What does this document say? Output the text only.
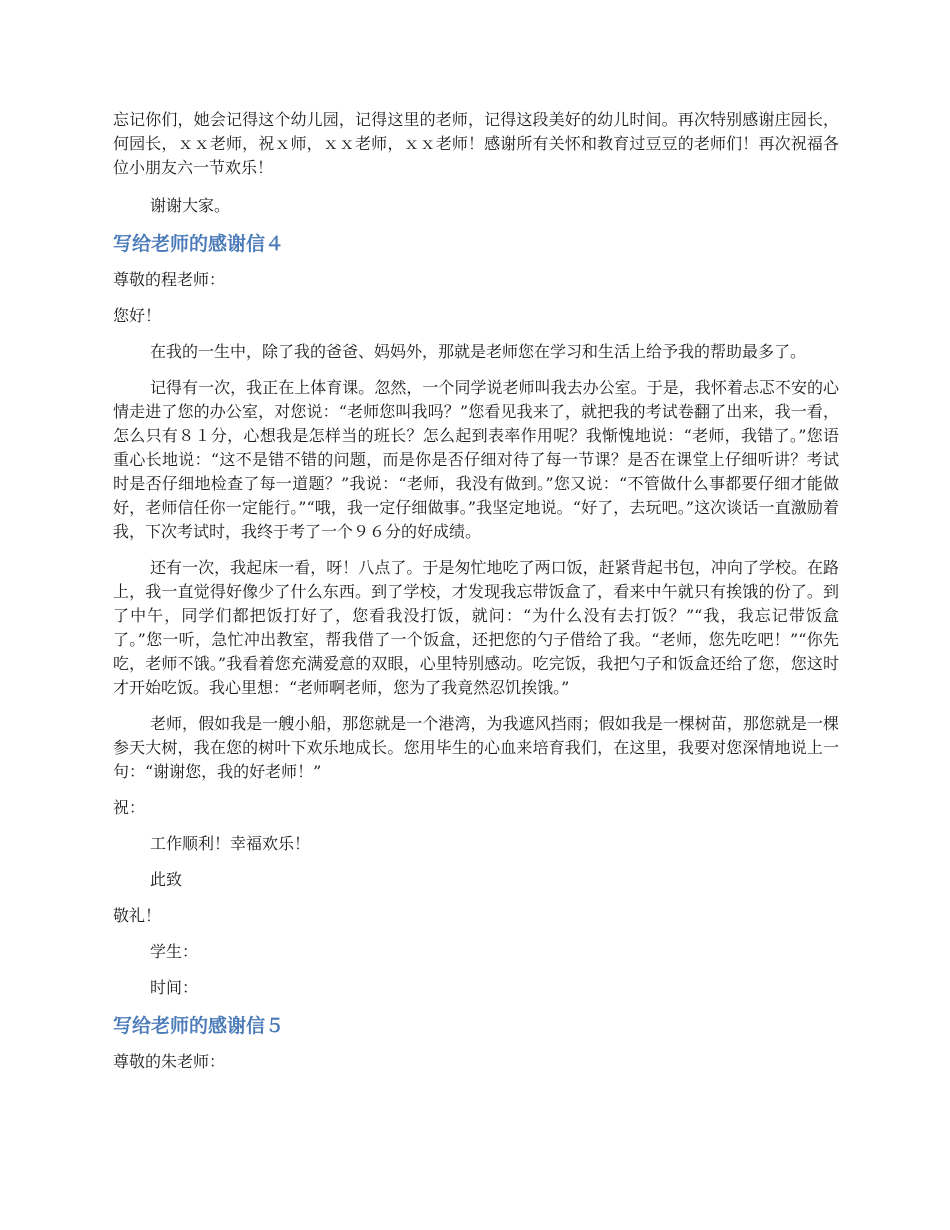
忘记你们，她会记得这个幼儿园，记得这里的老师，记得这段美好的幼儿时间。再次特别感谢庄园长，何园长，ｘｘ老师，祝ｘ师，ｘｘ老师，ｘｘ老师！感谢所有关怀和教育过豆豆的老师们！再次祝福各位小朋友六一节欢乐！

谢谢大家。

写给老师的感谢信４

尊敬的程老师：

您好！

在我的一生中，除了我的爸爸、妈妈外，那就是老师您在学习和生活上给予我的帮助最多了。

记得有一次，我正在上体育课。忽然，一个同学说老师叫我去办公室。于是，我怀着忐忑不安的心情走进了您的办公室，对您说：“老师您叫我吗？”您看见我来了，就把我的考试卷翻了出来，我一看，怎么只有８１分，心想我是怎样当的班长？怎么起到表率作用呢？我惭愧地说：“老师，我错了。”您语重心长地说：“这不是错不错的问题，而是你是否仔细对待了每一节课？是否在课堂上仔细听讲？考试时是否仔细地检查了每一道题？”我说：“老师，我没有做到。”您又说：“不管做什么事都要仔细才能做好，老师信任你一定能行。”“哦，我一定仔细做事。”我坚定地说。“好了，去玩吧。”这次谈话一直激励着我，下次考试时，我终于考了一个９６分的好成绩。

还有一次，我起床一看，呀！八点了。于是匆忙地吃了两口饭，赶紧背起书包，冲向了学校。在路上，我一直觉得好像少了什么东西。到了学校，才发现我忘带饭盒了，看来中午就只有挨饿的份了。到了中午，同学们都把饭打好了，您看我没打饭，就问：“为什么没有去打饭？”“我，我忘记带饭盒了。”您一听，急忙冲出教室，帮我借了一个饭盒，还把您的勺子借给了我。“老师，您先吃吧！”“你先吃，老师不饿。”我看着您充满爱意的双眼，心里特别感动。吃完饭，我把勺子和饭盒还给了您，您这时才开始吃饭。我心里想：“老师啊老师，您为了我竟然忍饥挨饿。”

老师，假如我是一艘小船，那您就是一个港湾，为我遮风挡雨；假如我是一棵树苗，那您就是一棵参天大树，我在您的树叶下欢乐地成长。您用毕生的心血来培育我们，在这里，我要对您深情地说上一句：“谢谢您，我的好老师！”

祝：

工作顺利！幸福欢乐！

此致

敬礼！

学生：

时间：

写给老师的感谢信５

尊敬的朱老师：
